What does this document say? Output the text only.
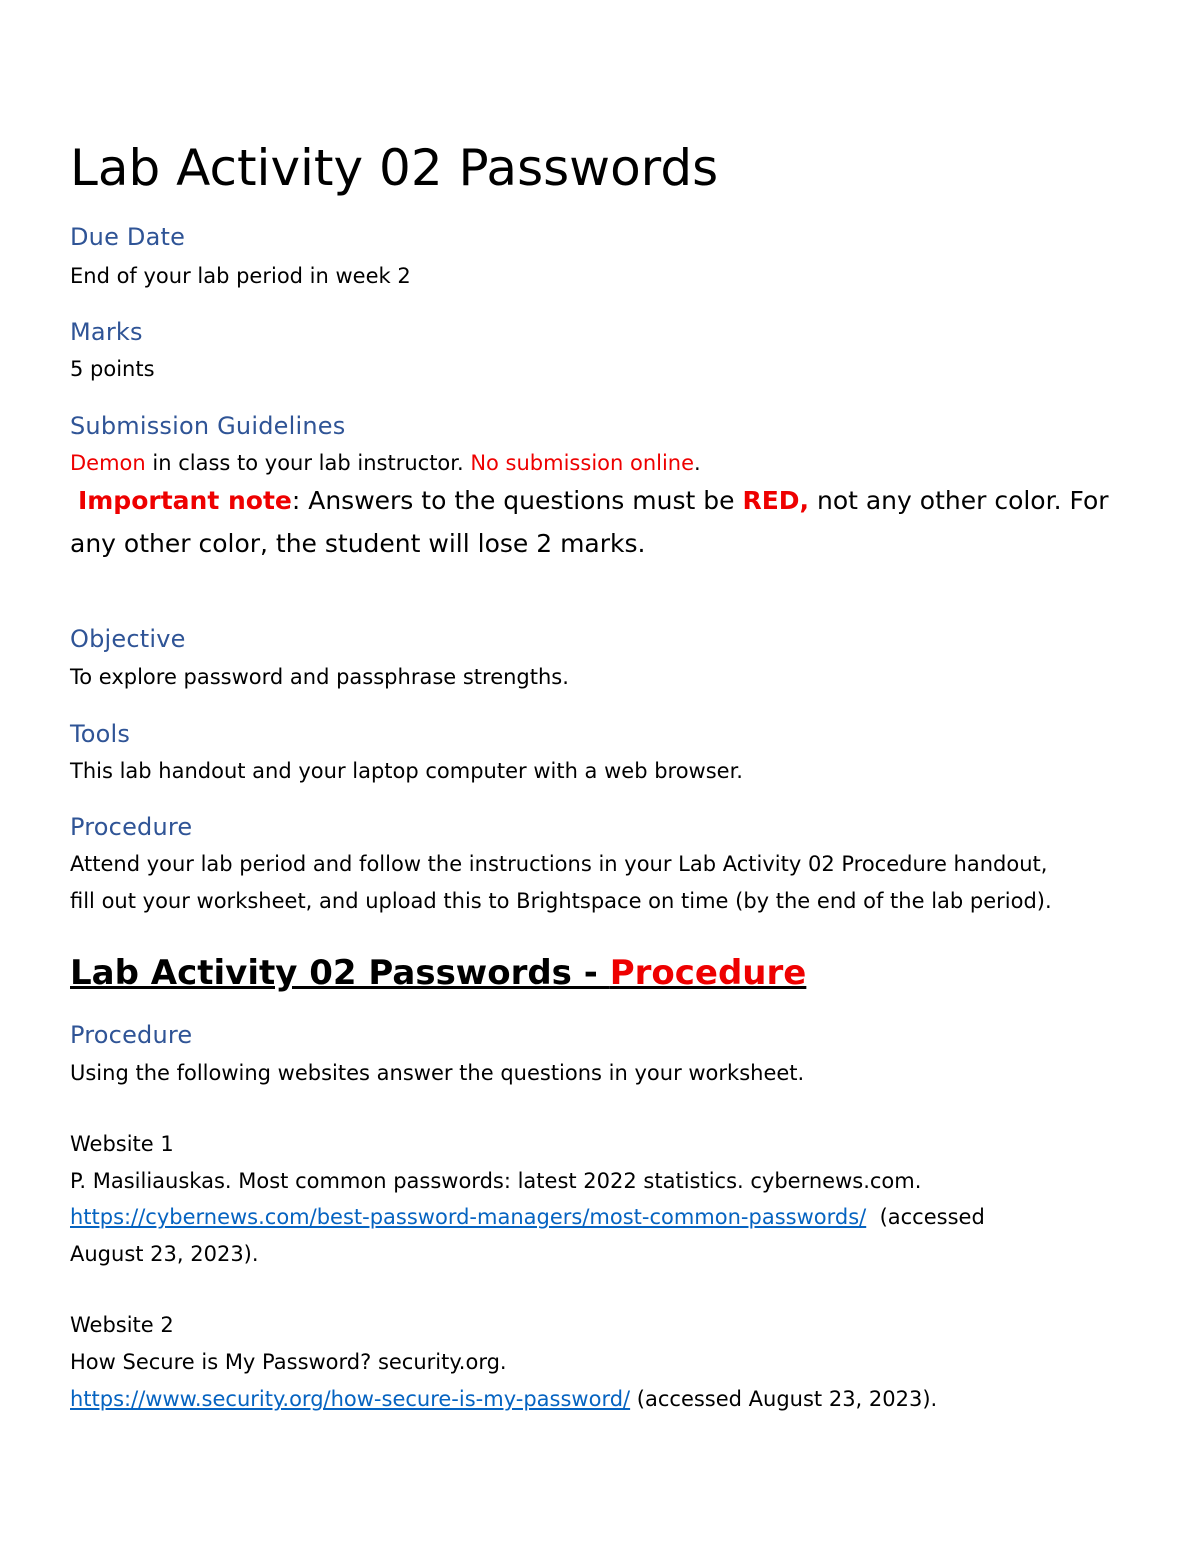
Lab Activity 02 Passwords
Due Date
End of your lab period in week 2
Marks
5 points
Submission Guidelines
Demon in class to your lab instructor. No submission online.
Important note: Answers to the questions must be RED, not any other color. For any other color, the student will lose 2 marks.
Objective
To explore password and passphrase strengths.
Tools
This lab handout and your laptop computer with a web browser.
Procedure
Attend your lab period and follow the instructions in your Lab Activity 02 Procedure handout,
fill out your worksheet, and upload this to Brightspace on time (by the end of the lab period).
Lab Activity 02 Passwords - Procedure
Procedure
Using the following websites answer the questions in your worksheet.
Website 1
P. Masiliauskas. Most common passwords: latest 2022 statistics. cybernews.com.
https://cybernews.com/best-password-managers/most-common-passwords/  (accessed
August 23, 2023).
Website 2
How Secure is My Password? security.org.
https://www.security.org/how-secure-is-my-password/ (accessed August 23, 2023).
